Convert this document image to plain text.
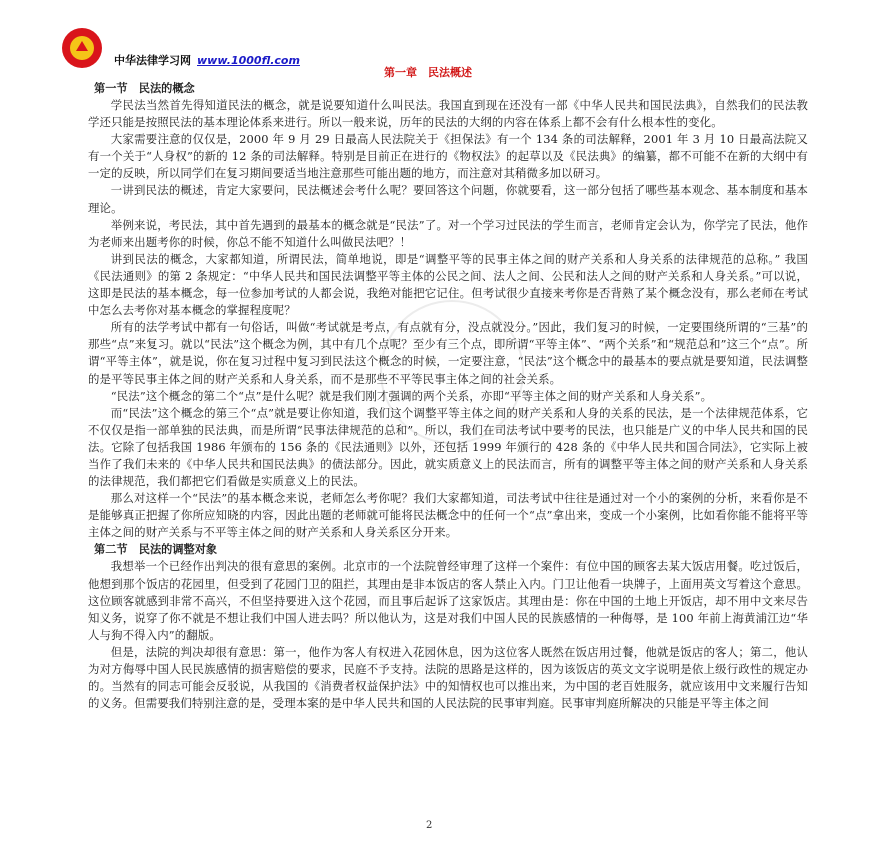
中华法律学习网 www.1000fl.com
第一章　民法概述

第一节　民法的概念

学民法当然首先得知道民法的概念，就是说要知道什么叫民法。我国直到现在还没有一部《中华人民共和国民法典》，自然我们的民法教学还只能是按照民法的基本理论体系来进行。所以一般来说，历年的民法的大纲的内容在体系上都不会有什么根本性的变化。

大家需要注意的仅仅是，2000 年 9 月 29 日最高人民法院关于《担保法》有一个 134 条的司法解释，2001 年 3 月 10 日最高法院又有一个关于“人身权”的新的 12 条的司法解释。特别是目前正在进行的《物权法》的起草以及《民法典》的编纂，都不可能不在新的大纲中有一定的反映，所以同学们在复习期间要适当地注意那些可能出题的地方，而注意对其稍微多加以研习。

一讲到民法的概述，肯定大家要问，民法概述会考什么呢？要回答这个问题，你就要看，这一部分包括了哪些基本观念、基本制度和基本理论。

举例来说，考民法，其中首先遇到的最基本的概念就是“民法”了。对一个学习过民法的学生而言，老师肯定会认为，你学完了民法，他作为老师来出题考你的时候，你总不能不知道什么叫做民法吧？！

讲到民法的概念，大家都知道，所谓民法，简单地说，即是“调整平等的民事主体之间的财产关系和人身关系的法律规范的总称。” 我国《民法通则》的第 2 条规定：“中华人民共和国民法调整平等主体的公民之间、法人之间、公民和法人之间的财产关系和人身关系。”可以说，这即是民法的基本概念，每一位参加考试的人都会说，我绝对能把它记住。但考试很少直接来考你是否背熟了某个概念没有，那么老师在考试中怎么去考你对基本概念的掌握程度呢？

所有的法学考试中都有一句俗话，叫做“考试就是考点，有点就有分，没点就没分。”因此，我们复习的时候，一定要围绕所谓的“三基”的那些“点”来复习。就以“民法”这个概念为例，其中有几个点呢？至少有三个点，即所谓“平等主体”、“两个关系”和“规范总和”这三个“点”。所谓“平等主体”，就是说，你在复习过程中复习到民法这个概念的时候，一定要注意，“民法”这个概念中的最基本的要点就是要知道，民法调整的是平等民事主体之间的财产关系和人身关系，而不是那些不平等民事主体之间的社会关系。

“民法”这个概念的第二个“点”是什么呢？就是我们刚才强调的两个关系，亦即“平等主体之间的财产关系和人身关系”。

而“民法”这个概念的第三个“点”就是要让你知道，我们这个调整平等主体之间的财产关系和人身的关系的民法，是一个法律规范体系，它不仅仅是指一部单独的民法典，而是所谓“民事法律规范的总和”。所以，我们在司法考试中要考的民法，也只能是广义的中华人民共和国的民法。它除了包括我国 1986 年颁布的 156 条的《民法通则》以外，还包括 1999 年颁行的 428 条的《中华人民共和国合同法》，它实际上被当作了我们未来的《中华人民共和国民法典》的债法部分。因此，就实质意义上的民法而言，所有的调整平等主体之间的财产关系和人身关系的法律规范，我们都把它们看做是实质意义上的民法。

那么对这样一个“民法”的基本概念来说，老师怎么考你呢？我们大家都知道，司法考试中往往是通过对一个小的案例的分析，来看你是不是能够真正把握了你所应知晓的内容，因此出题的老师就可能将民法概念中的任何一个“点”拿出来，变成一个小案例，比如看你能不能将平等主体之间的财产关系与不平等主体之间的财产关系和人身关系区分开来。

第二节　民法的调整对象

我想举一个已经作出判决的很有意思的案例。北京市的一个法院曾经审理了这样一个案件：有位中国的顾客去某大饭店用餐。吃过饭后，他想到那个饭店的花园里，但受到了花园门卫的阻拦，其理由是非本饭店的客人禁止入内。门卫让他看一块牌子，上面用英文写着这个意思。这位顾客就感到非常不高兴，不但坚持要进入这个花园，而且事后起诉了这家饭店。其理由是：你在中国的土地上开饭店，却不用中文来尽告知义务，说穿了你不就是不想让我们中国人进去吗？所以他认为，这是对我们中国人民的民族感情的一种侮辱，是 100 年前上海黄浦江边“华人与狗不得入内”的翻版。

但是，法院的判决却很有意思：第一，他作为客人有权进入花园休息，因为这位客人既然在饭店用过餐，他就是饭店的客人；第二，他认为对方侮辱中国人民民族感情的损害赔偿的要求，民庭不予支持。法院的思路是这样的，因为该饭店的英文文字说明是依上级行政性的规定办的。当然有的同志可能会反驳说，从我国的《消费者权益保护法》中的知情权也可以推出来，为中国的老百姓服务，就应该用中文来履行告知的义务。但需要我们特别注意的是，受理本案的是中华人民共和国的人民法院的民事审判庭。民事审判庭所解决的只能是平等主体之间

2
